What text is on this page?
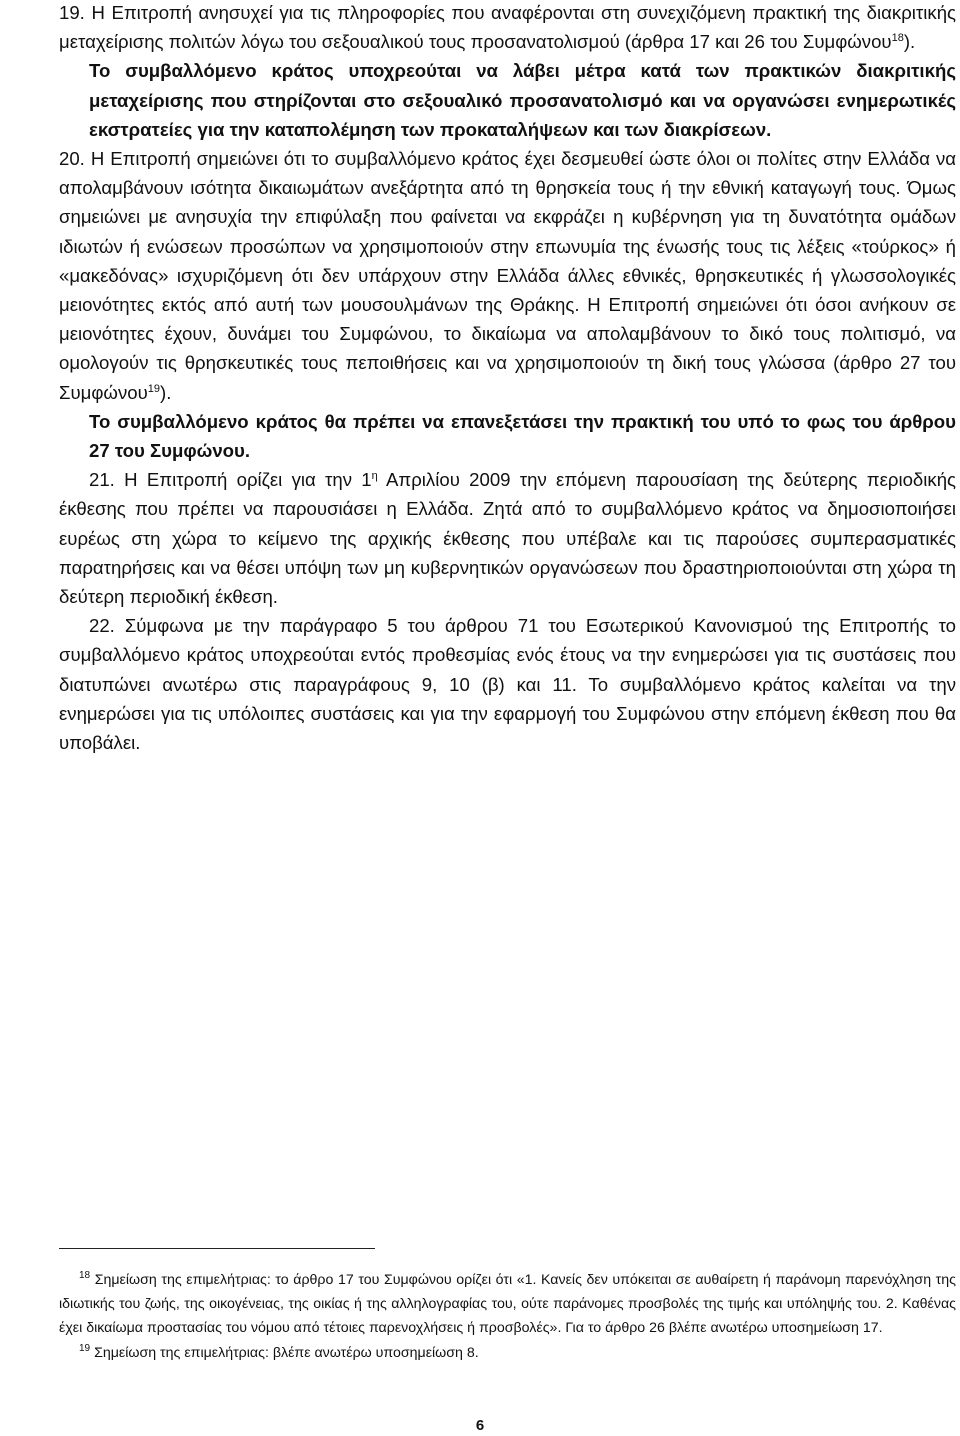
19. Η Επιτροπή ανησυχεί για τις πληροφορίες που αναφέρονται στη συνεχιζόμενη πρακτική της διακριτικής μεταχείρισης πολιτών λόγω του σεξουαλικού τους προσανατολισμού (άρθρα 17 και 26 του Συμφώνου$^{18}$).

Το συμβαλλόμενο κράτος υποχρεούται να λάβει μέτρα κατά των πρακτικών διακριτικής μεταχείρισης που στηρίζονται στο σεξουαλικό προσανατολισμό και να οργανώσει ενημερωτικές εκστρατείες για την καταπολέμηση των προκαταλήψεων και των διακρίσεων.

20. Η Επιτροπή σημειώνει ότι το συμβαλλόμενο κράτος έχει δεσμευθεί ώστε όλοι οι πολίτες στην Ελλάδα να απολαμβάνουν ισότητα δικαιωμάτων ανεξάρτητα από τη θρησκεία τους ή την εθνική καταγωγή τους. Όμως σημειώνει με ανησυχία την επιφύλαξη που φαίνεται να εκφράζει η κυβέρνηση για τη δυνατότητα ομάδων ιδιωτών ή ενώσεων προσώπων να χρησιμοποιούν στην επωνυμία της ένωσής τους τις λέξεις «τούρκος» ή «μακεδόνας» ισχυριζόμενη ότι δεν υπάρχουν στην Ελλάδα άλλες εθνικές, θρησκευτικές ή γλωσσολογικές μειονότητες εκτός από αυτή των μουσουλμάνων της Θράκης. Η Επιτροπή σημειώνει ότι όσοι ανήκουν σε μειονότητες έχουν, δυνάμει του Συμφώνου, το δικαίωμα να απολαμβάνουν το δικό τους πολιτισμό, να ομολογούν τις θρησκευτικές τους πεποιθήσεις και να χρησιμοποιούν τη δική τους γλώσσα (άρθρο 27 του Συμφώνου$^{19}$).

Το συμβαλλόμενο κράτος θα πρέπει να επανεξετάσει την πρακτική του υπό το φως του άρθρου 27 του Συμφώνου.

21. Η Επιτροπή ορίζει για την $1^\eta$ Απριλίου 2009 την επόμενη παρουσίαση της δεύτερης περιοδικής έκθεσης που πρέπει να παρουσιάσει η Ελλάδα. Ζητά από το συμβαλλόμενο κράτος να δημοσιοποιήσει ευρέως στη χώρα το κείμενο της αρχικής έκθεσης που υπέβαλε και τις παρούσες συμπερασματικές παρατηρήσεις και να θέσει υπόψη των μη κυβερνητικών οργανώσεων που δραστηριοποιούνται στη χώρα τη δεύτερη περιοδική έκθεση.

22. Σύμφωνα με την παράγραφο 5 του άρθρου 71 του Εσωτερικού Κανονισμού της Επιτροπής το συμβαλλόμενο κράτος υποχρεούται εντός προθεσμίας ενός έτους να την ενημερώσει για τις συστάσεις που διατυπώνει ανωτέρω στις παραγράφους 9, 10 (β) και 11. Το συμβαλλόμενο κράτος καλείται να την ενημερώσει για τις υπόλοιπες συστάσεις και για την εφαρμογή του Συμφώνου στην επόμενη έκθεση που θα υποβάλει.

$^{18}$ Σημείωση της επιμελήτριας: το άρθρο 17 του Συμφώνου ορίζει ότι «1. Κανείς δεν υπόκειται σε αυθαίρετη ή παράνομη παρενόχληση της ιδιωτικής του ζωής, της οικογένειας, της οικίας ή της αλληλογραφίας του, ούτε παράνομες προσβολές της τιμής και υπόληψής του. 2. Καθένας έχει δικαίωμα προστασίας του νόμου από τέτοιες παρενοχλήσεις ή προσβολές». Για το άρθρο 26 βλέπε ανωτέρω υποσημείωση 17.

$^{19}$ Σημείωση της επιμελήτριας: βλέπε ανωτέρω υποσημείωση 8.

6
